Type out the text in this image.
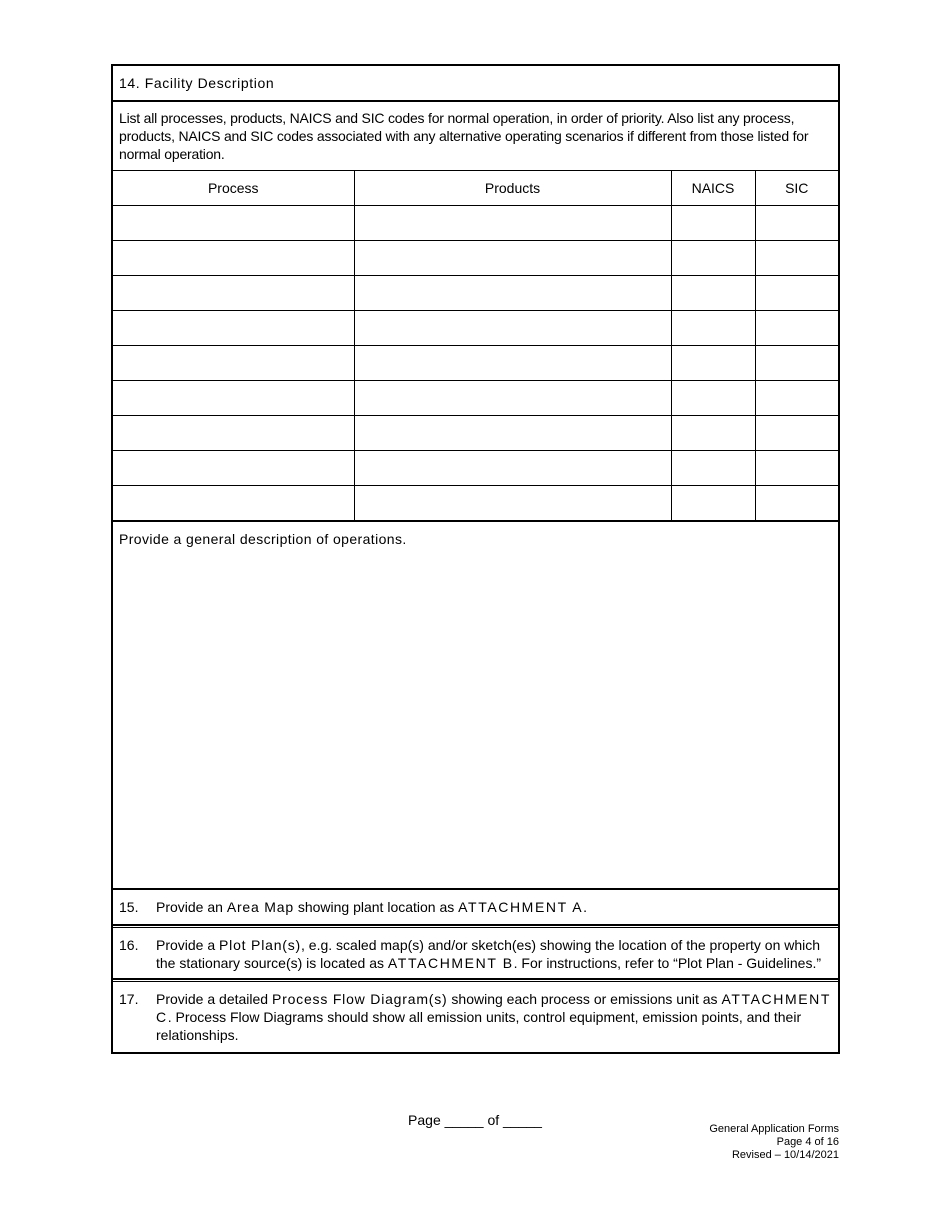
14. Facility Description
List all processes, products, NAICS and SIC codes for normal operation, in order of priority. Also list any process, products, NAICS and SIC codes associated with any alternative operating scenarios if different from those listed for normal operation.
Process	Products	NAICS	SIC

Provide a general description of operations.
15.	Provide an Area Map showing plant location as ATTACHMENT A.
16.	Provide a Plot Plan(s), e.g. scaled map(s) and/or sketch(es) showing the location of the property on which the stationary source(s) is located as ATTACHMENT B. For instructions, refer to “Plot Plan - Guidelines.”
17.	Provide a detailed Process Flow Diagram(s) showing each process or emissions unit as ATTACHMENT C. Process Flow Diagrams should show all emission units, control equipment, emission points, and their relationships.
Page _____ of _____
General Application Forms
Page 4 of 16
Revised – 10/14/2021
